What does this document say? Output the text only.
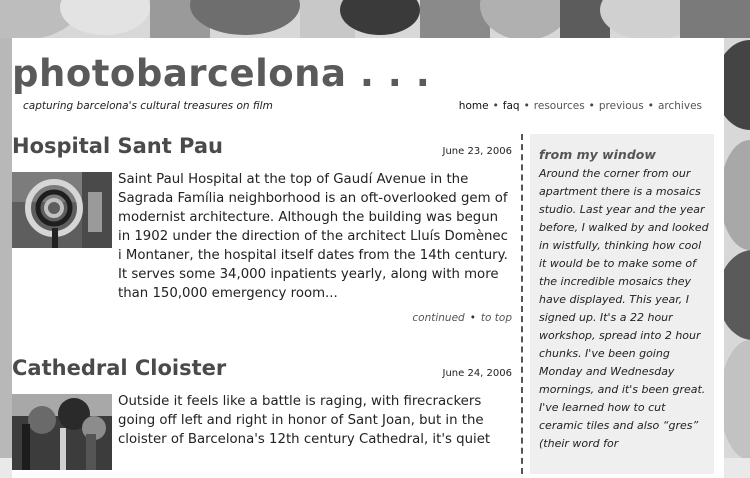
photobarcelona . . .
capturing barcelona's cultural treasures on film	home • faq • resources • previous • archives
Hospital Sant Pau	June 23, 2006

Saint Paul Hospital at the top of Gaudí Avenue in the Sagrada Família neighborhood is an oft-overlooked gem of modernist architecture. Although the building was begun in 1902 under the direction of the architect Lluís Domènec i Montaner, the hospital itself dates from the 14th century. It serves some 34,000 inpatients yearly, along with more than 150,000 emergency room...

continued • to top
Cathedral Cloister	June 24, 2006

Outside it feels like a battle is raging, with firecrackers going off left and right in honor of Sant Joan, but in the cloister of Barcelona's 12th century Cathedral, it's quiet

from my window
Around the corner from our apartment there is a mosaics studio. Last year and the year before, I walked by and looked in wistfully, thinking how cool it would be to make some of the incredible mosaics they have displayed. This year, I signed up. It's a 22 hour workshop, spread into 2 hour chunks. I've been going Monday and Wednesday mornings, and it's been great. I've learned how to cut ceramic tiles and also “gres” (their word for
